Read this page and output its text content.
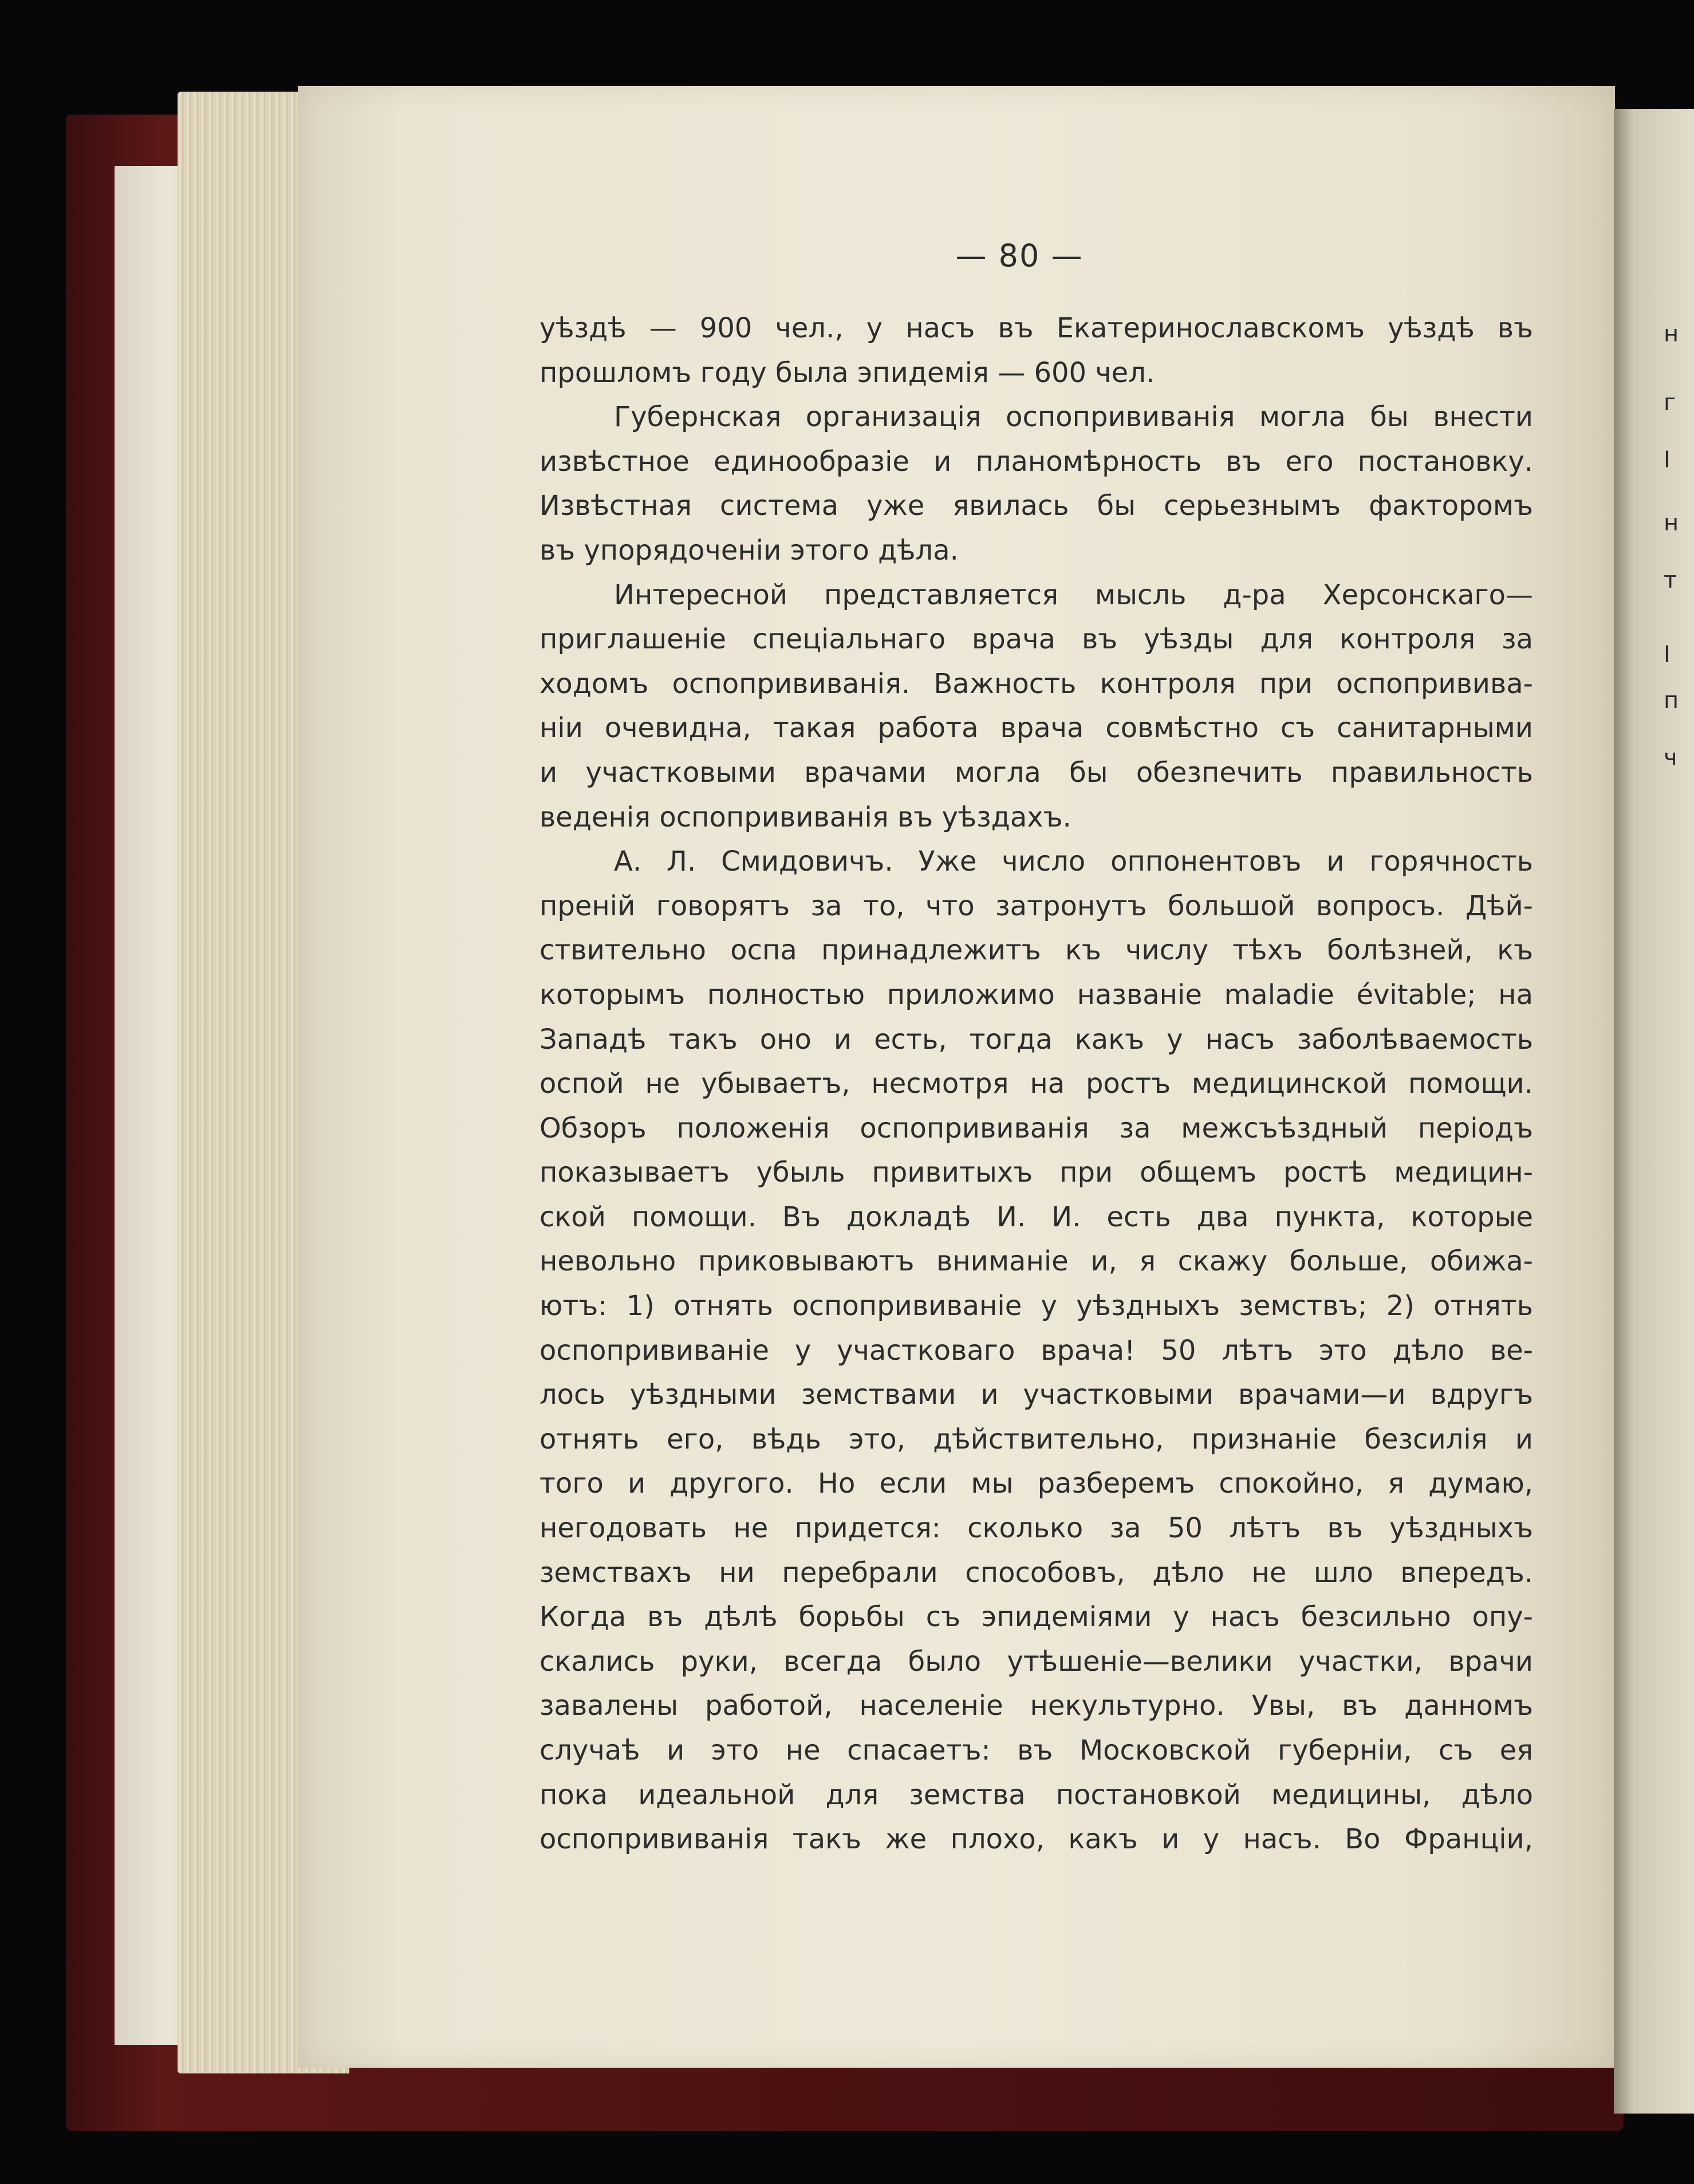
н
г
I
н
т
I
п
ч
— 80 —
уѣздѣ — 900 чел., у насъ въ Екатеринославскомъ уѣздѣ въ
прошломъ году была эпидемія — 600 чел.
Губернская организація оспопрививанія могла бы внести
извѣстное единообразіе и планомѣрность въ его постановку.
Извѣстная система уже явилась бы серьезнымъ факторомъ
въ упорядоченіи этого дѣла.
Интересной представляется мысль д-ра Херсонскаго—
приглашеніе спеціальнаго врача въ уѣзды для контроля за
ходомъ оспопрививанія. Важность контроля при оспопривива-
ніи очевидна, такая работа врача совмѣстно съ санитарными
и участковыми врачами могла бы обезпечить правильность
веденія оспопрививанія въ уѣздахъ.
А. Л. Смидовичъ. Уже число оппонентовъ и горячность
преній говорятъ за то, что затронутъ большой вопросъ. Дѣй-
ствительно оспа принадлежитъ къ числу тѣхъ болѣзней, къ
которымъ полностью приложимо названіе maladie évitable; на
Западѣ такъ оно и есть, тогда какъ у насъ заболѣваемость
оспой не убываетъ, несмотря на ростъ медицинской помощи.
Обзоръ положенія оспопрививанія за межсъѣздный періодъ
показываетъ убыль привитыхъ при общемъ ростѣ медицин-
ской помощи. Въ докладѣ И. И. есть два пункта, которые
невольно приковываютъ вниманіе и, я скажу больше, обижа-
ютъ: 1) отнять оспопрививаніе у уѣздныхъ земствъ; 2) отнять
оспопрививаніе у участковаго врача! 50 лѣтъ это дѣло ве-
лось уѣздными земствами и участковыми врачами—и вдругъ
отнять его, вѣдь это, дѣйствительно, признаніе безсилія и
того и другого. Но если мы разберемъ спокойно, я думаю,
негодовать не придется: сколько за 50 лѣтъ въ уѣздныхъ
земствахъ ни перебрали способовъ, дѣло не шло впередъ.
Когда въ дѣлѣ борьбы съ эпидеміями у насъ безсильно опу-
скались руки, всегда было утѣшеніе—велики участки, врачи
завалены работой, населеніе некультурно. Увы, въ данномъ
случаѣ и это не спасаетъ: въ Московской губерніи, съ ея
пока идеальной для земства постановкой медицины, дѣло
оспопрививанія такъ же плохо, какъ и у насъ. Во Франціи,
